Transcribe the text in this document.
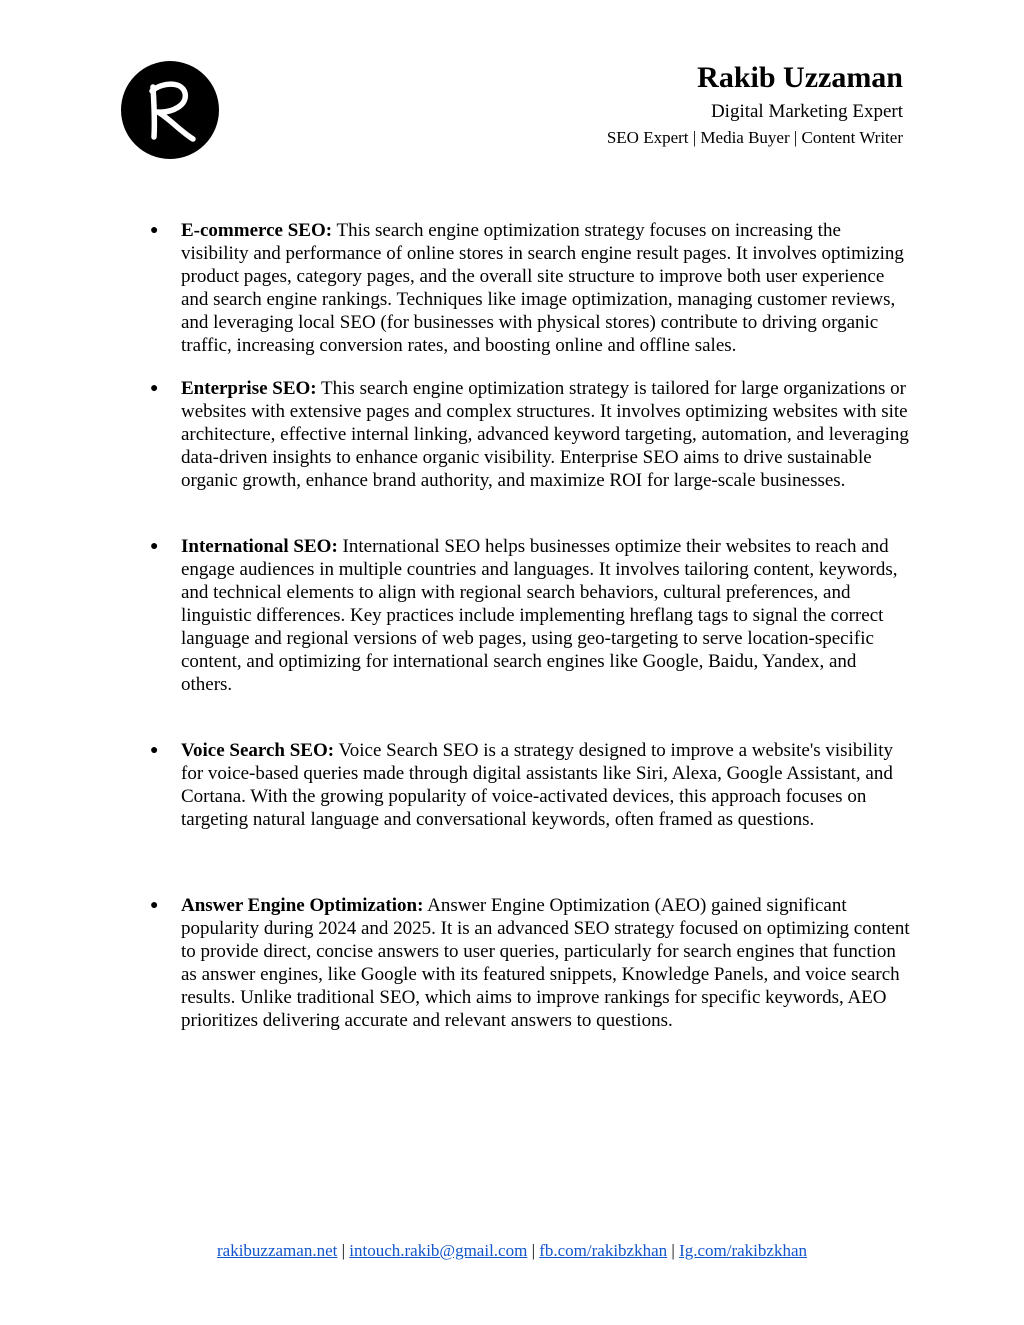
Rakib Uzzaman
Digital Marketing Expert
SEO Expert | Media Buyer | Content Writer
●	E-commerce SEO: This search engine optimization strategy focuses on increasing the visibility and performance of online stores in search engine result pages. It involves optimizing product pages, category pages, and the overall site structure to improve both user experience and search engine rankings. Techniques like image optimization, managing customer reviews, and leveraging local SEO (for businesses with physical stores) contribute to driving organic traffic, increasing conversion rates, and boosting online and offline sales.
●	Enterprise SEO: This search engine optimization strategy is tailored for large organizations or websites with extensive pages and complex structures. It involves optimizing websites with site architecture, effective internal linking, advanced keyword targeting, automation, and leveraging data-driven insights to enhance organic visibility. Enterprise SEO aims to drive sustainable organic growth, enhance brand authority, and maximize ROI for large-scale businesses.
●	International SEO: International SEO helps businesses optimize their websites to reach and engage audiences in multiple countries and languages. It involves tailoring content, keywords, and technical elements to align with regional search behaviors, cultural preferences, and linguistic differences. Key practices include implementing hreflang tags to signal the correct language and regional versions of web pages, using geo-targeting to serve location-specific content, and optimizing for international search engines like Google, Baidu, Yandex, and others.
●	Voice Search SEO: Voice Search SEO is a strategy designed to improve a website's visibility for voice-based queries made through digital assistants like Siri, Alexa, Google Assistant, and Cortana. With the growing popularity of voice-activated devices, this approach focuses on targeting natural language and conversational keywords, often framed as questions.
●	Answer Engine Optimization: Answer Engine Optimization (AEO) gained significant popularity during 2024 and 2025. It is an advanced SEO strategy focused on optimizing content to provide direct, concise answers to user queries, particularly for search engines that function as answer engines, like Google with its featured snippets, Knowledge Panels, and voice search results. Unlike traditional SEO, which aims to improve rankings for specific keywords, AEO prioritizes delivering accurate and relevant answers to questions.
rakibuzzaman.net | intouch.rakib@gmail.com | fb.com/rakibzkhan | Ig.com/rakibzkhan
